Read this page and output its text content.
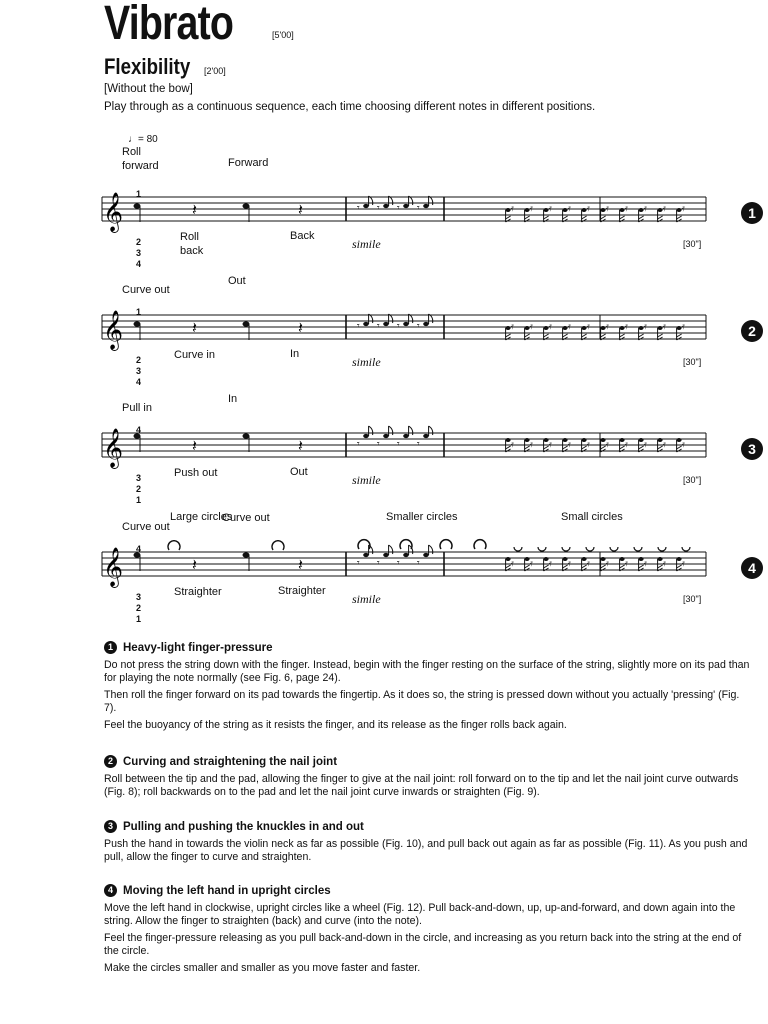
Vibrato	[5'00]
Flexibility [2'00]
[Without the bow]
Play through as a continuous sequence, each time choosing different notes in different positions.
♩= 80
𝄞	𝄽	𝄽	𝄾 𝄾 𝄾 𝄾	𝄿 𝄿 𝄿 𝄿 𝄿 𝄿 𝄿 𝄿 𝄿 𝄿
Roll forward	Forward
1
2
3
4
Roll back
Back
simile	[30"]
1
𝄞	𝄽	𝄽	𝄾 𝄾 𝄾 𝄾	𝄿 𝄿 𝄿 𝄿 𝄿 𝄿 𝄿 𝄿 𝄿 𝄿
Curve out
Out
1
2
3
4
Curve in	In
simile	[30"]
2
𝄞	𝄽	𝄽	𝄾 𝄾 𝄾 𝄾	𝄿 𝄿 𝄿 𝄿 𝄿 𝄿 𝄿 𝄿 𝄿 𝄿
Pull in
In
4
3
2
1
Push out	Out
simile	[30"]
3
𝄞	𝄽	𝄽	𝄾 𝄾 𝄾 𝄾	𝄿 𝄿 𝄿 𝄿 𝄿 𝄿 𝄿 𝄿 𝄿 𝄿
Curve out
Curve out
4
3
2
1
Straighter	Straighter
simile	[30"]
4
Large circles	Smaller circles	Small circles
1 Heavy-light finger-pressure

Do not press the string down with the finger. Instead, begin with the finger resting on the surface of the string, slightly more on its pad than for playing the note normally (see Fig. 6, page 24).

Then roll the finger forward on its pad towards the fingertip. As it does so, the string is pressed down without you actually 'pressing' (Fig. 7).

Feel the buoyancy of the string as it resists the finger, and its release as the finger rolls back again.

2 Curving and straightening the nail joint

Roll between the tip and the pad, allowing the finger to give at the nail joint: roll forward on to the tip and let the nail joint curve outwards (Fig. 8); roll backwards on to the pad and let the nail joint curve inwards or straighten (Fig. 9).

3 Pulling and pushing the knuckles in and out

Push the hand in towards the violin neck as far as possible (Fig. 10), and pull back out again as far as possible (Fig. 11). As you push and pull, allow the finger to curve and straighten.

4 Moving the left hand in upright circles

Move the left hand in clockwise, upright circles like a wheel (Fig. 12). Pull back-and-down, up, up-and-forward, and down again into the string. Allow the finger to straighten (back) and curve (into the note).

Feel the finger-pressure releasing as you pull back-and-down in the circle, and increasing as you return back into the string at the end of the circle.

Make the circles smaller and smaller as you move faster and faster.
